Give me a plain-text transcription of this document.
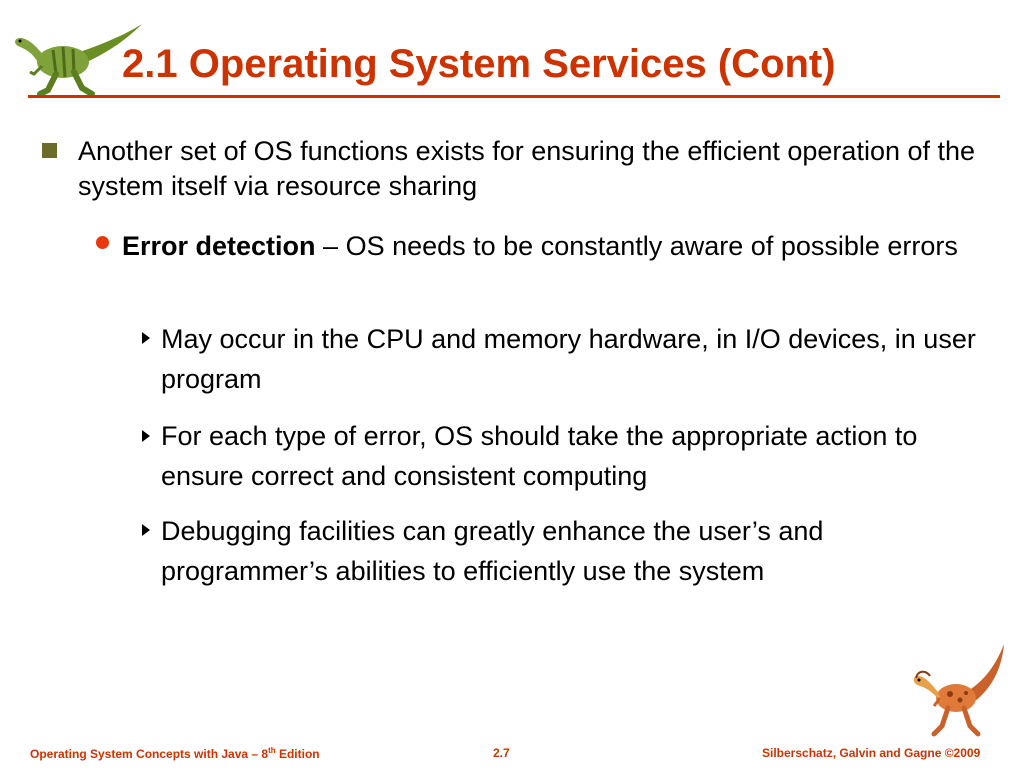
2.1 Operating System Services (Cont)
Another set of OS functions exists for ensuring the efficient operation of the system itself via resource sharing
Error detection – OS needs to be constantly aware of possible errors
May occur in the CPU and memory hardware, in I/O devices, in user program
For each type of error, OS should take the appropriate action to ensure correct and consistent computing
Debugging facilities can greatly enhance the user’s and programmer’s abilities to efficiently use the system
Operating System Concepts with Java – 8th Edition	2.7	Silberschatz, Galvin and Gagne ©2009
